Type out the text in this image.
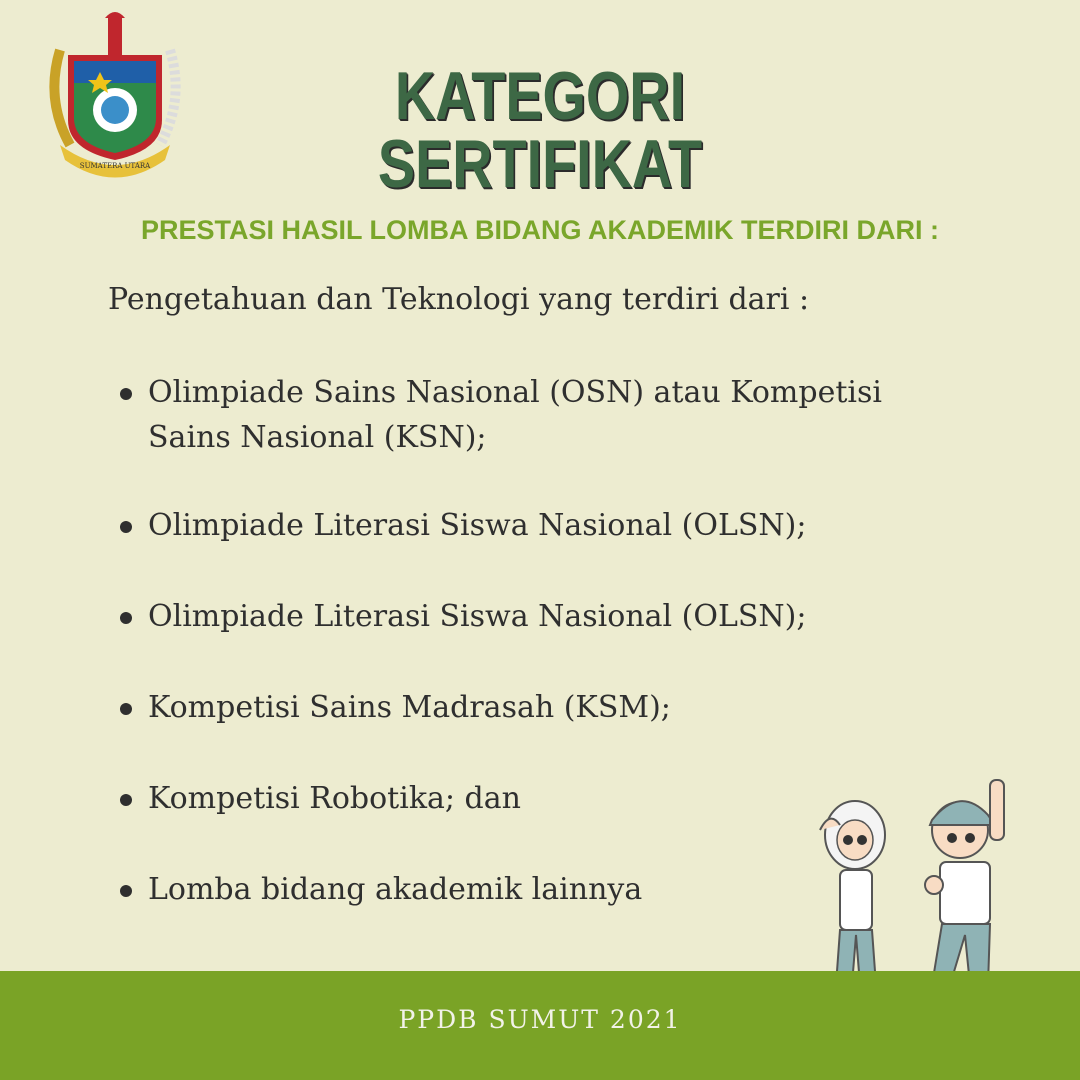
SUMATERA UTARA
KATEGORI SERTIFIKAT
PRESTASI HASIL LOMBA BIDANG AKADEMIK TERDIRI DARI :
Pengetahuan dan Teknologi yang terdiri dari :
Olimpiade Sains Nasional (OSN) atau Kompetisi
Sains Nasional (KSN);
Olimpiade Literasi Siswa Nasional (OLSN);
Olimpiade Literasi Siswa Nasional (OLSN);
Kompetisi Sains Madrasah (KSM);
Kompetisi Robotika; dan
Lomba bidang akademik lainnya
PPDB SUMUT 2021
